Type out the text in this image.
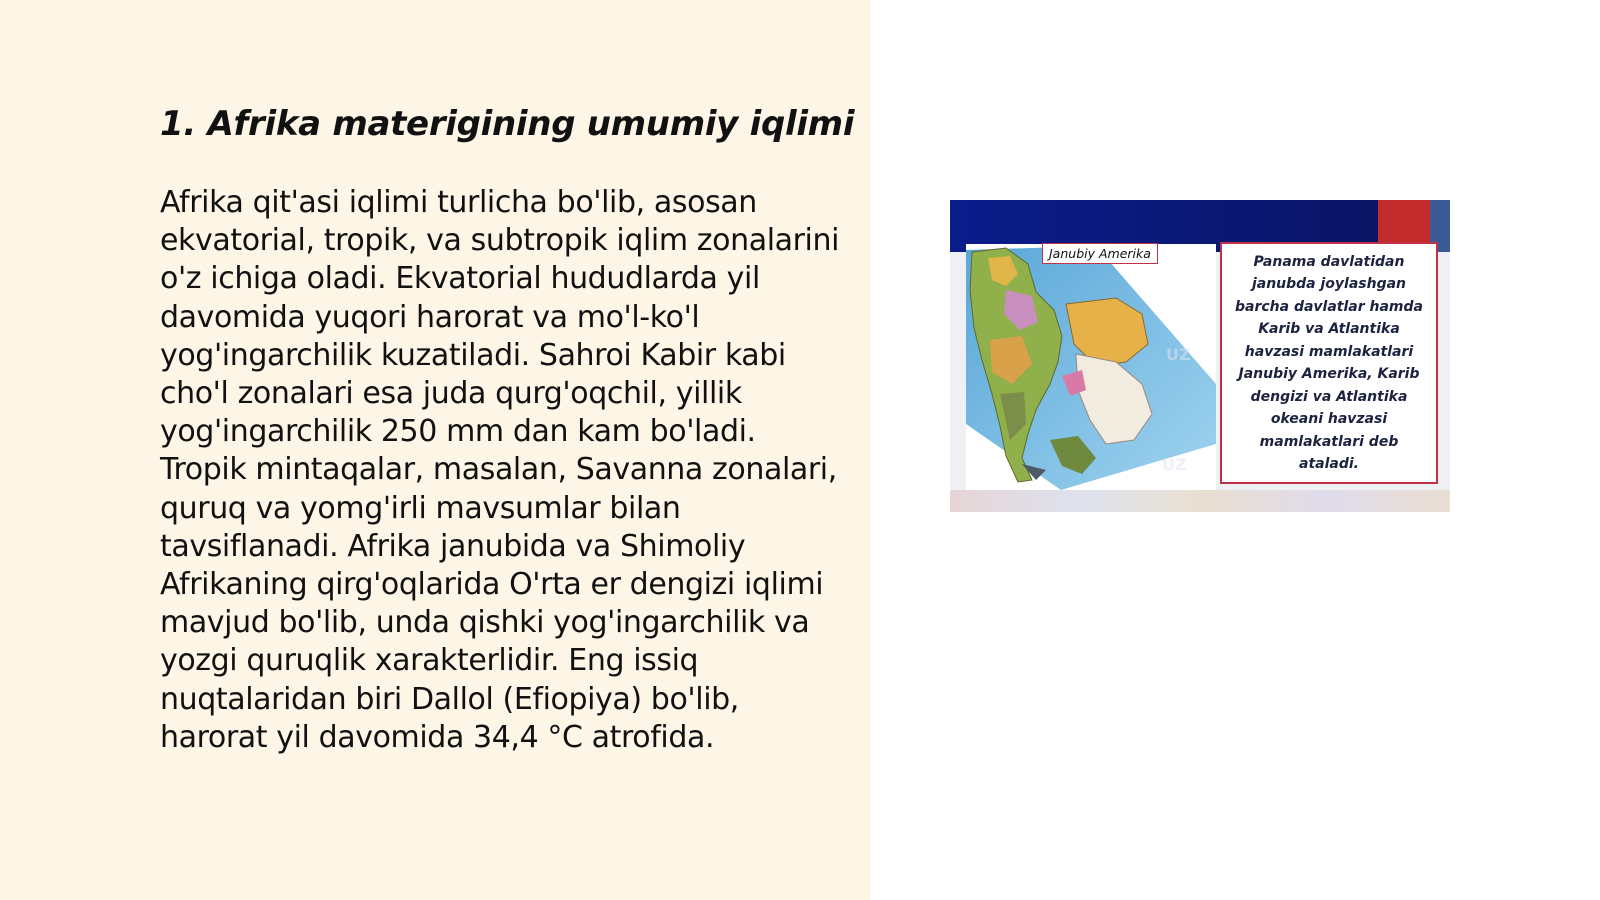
1. Afrika materigining umumiy iqlimi

Afrika qit'asi iqlimi turlicha bo'lib, asosan ekvatorial, tropik, va subtropik iqlim zonalarini o'z ichiga oladi. Ekvatorial hududlarda yil davomida yuqori harorat va mo'l-ko'l yog'ingarchilik kuzatiladi. Sahroi Kabir kabi cho'l zonalari esa juda qurg'oqchil, yillik yog'ingarchilik 250 mm dan kam bo'ladi. Tropik mintaqalar, masalan, Savanna zonalari, quruq va yomg'irli mavsumlar bilan tavsiflanadi. Afrika janubida va Shimoliy Afrikaning qirg'oqlarida O'rta er dengizi iqlimi mavjud bo'lib, unda qishki yog'ingarchilik va yozgi quruqlik xarakterlidir. Eng issiq nuqtalaridan biri Dallol (Efiopiya) bo'lib, harorat yil davomida 34,4 °C atrofida.

UZ
UZ
Janubiy Amerika	Panama davlatidan janubda joylashgan barcha davlatlar hamda Karib va Atlantika havzasi mamlakatlari Janubiy Amerika, Karib dengizi va Atlantika okeani havzasi mamlakatlari deb ataladi.
